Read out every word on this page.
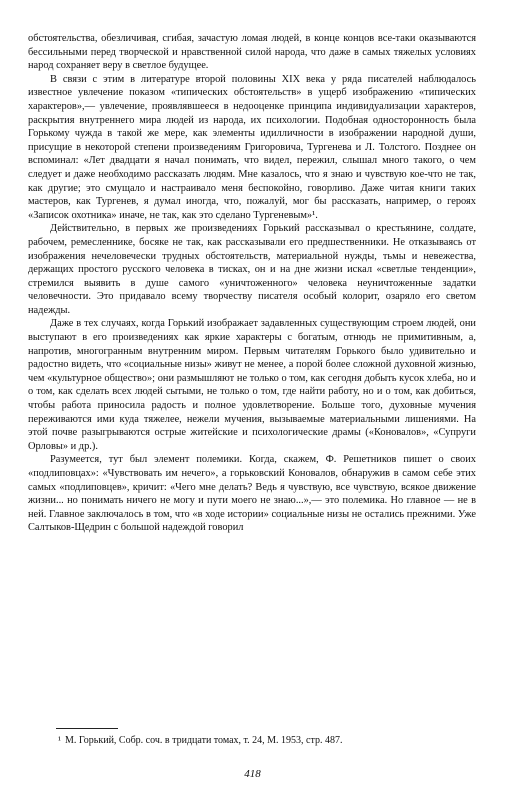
обстоятельства, обезличивая, сгибая, зачастую ломая людей, в конце концов все-таки оказываются бессильными перед творческой и нравственной силой народа, что даже в самых тяжелых условиях народ сохраняет веру в светлое будущее.

В связи с этим в литературе второй половины XIX века у ряда писателей наблюдалось известное увлечение показом «типических обстоятельств» в ущерб изображению «типических характеров»,— увлечение, проявлявшееся в недооценке принципа индивидуализации характеров, раскрытия внутреннего мира людей из народа, их психологии. Подобная односторонность была Горькому чужда в такой же мере, как элементы идилличности в изображении народной души, присущие в некоторой степени произведениям Григоровича, Тургенева и Л. Толстого. Позднее он вспоминал: «Лет двадцати я начал понимать, что видел, пережил, слышал много такого, о чем следует и даже необходимо рассказать людям. Мне казалось, что я знаю и чувствую кое-что не так, как другие; это смущало и настраивало меня беспокойно, говорливо. Даже читая книги таких мастеров, как Тургенев, я думал иногда, что, пожалуй, мог бы рассказать, например, о героях «Записок охотника» иначе, не так, как это сделано Тургеневым»¹.

Действительно, в первых же произведениях Горький рассказывал о крестьянине, солдате, рабочем, ремесленнике, босяке не так, как рассказывали его предшественники. Не отказываясь от изображения нечеловечески трудных обстоятельств, материальной нужды, тьмы и невежества, держащих простого русского человека в тисках, он и на дне жизни искал «светлые тенденции», стремился выявить в душе самого «уничтоженного» человека неуничтоженные задатки человечности. Это придавало всему творчеству писателя особый колорит, озаряло его светом надежды.

Даже в тех случаях, когда Горький изображает задавленных существующим строем людей, они выступают в его произведениях как яркие характеры с богатым, отнюдь не примитивным, а, напротив, многогранным внутренним миром. Первым читателям Горького было удивительно и радостно видеть, что «социальные низы» живут не менее, а порой более сложной духовной жизнью, чем «культурное общество»; они размышляют не только о том, как сегодня добыть кусок хлеба, но и о том, как сделать всех людей сытыми, не только о том, где найти работу, но и о том, как добиться, чтобы работа приносила радость и полное удовлетворение. Больше того, духовные мучения переживаются ими куда тяжелее, нежели мучения, вызываемые материальными лишениями. На этой почве разыгрываются острые житейские и психологические драмы («Коновалов», «Супруги Орловы» и др.).

Разумеется, тут был элемент полемики. Когда, скажем, Ф. Решетников пишет о своих «подлиповцах»: «Чувствовать им нечего», а горьковский Коновалов, обнаружив в самом себе этих самых «подлиповцев», кричит: «Чего мне делать? Ведь я чувствую, все чувствую, всякое движение жизни... но понимать ничего не могу и пути моего не знаю...»,— это полемика. Но главное — не в ней. Главное заключалось в том, что «в ходе истории» социальные низы не остались прежними. Уже Салтыков-Щедрин с большой надеждой говорил

¹ М. Горький, Собр. соч. в тридцати томах, т. 24, М. 1953, стр. 487.
418
